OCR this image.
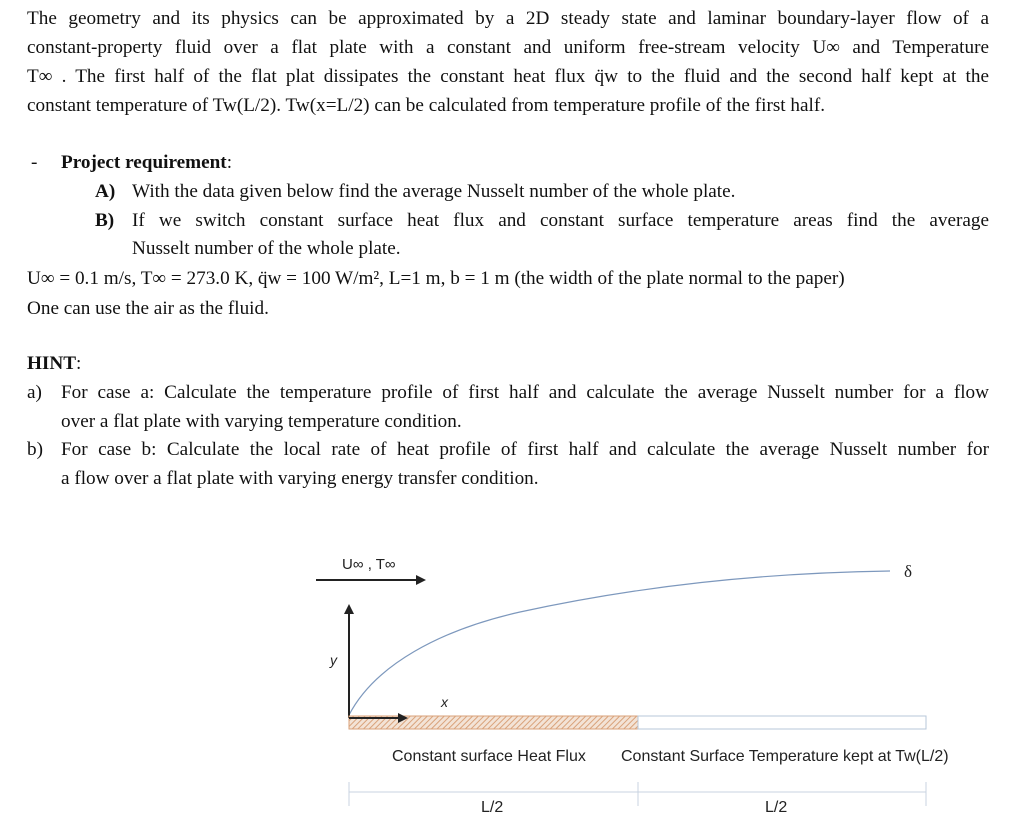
The geometry and its physics can be approximated by a 2D steady state and laminar boundary-layer flow of a
constant-property fluid over a flat plate with a constant and uniform free-stream velocity U∞ and Temperature
T∞ . The first half of the flat plat dissipates the constant heat flux q̈w to the fluid and the second half kept at the
constant temperature of Tw(L/2). Tw(x=L/2) can be calculated from temperature profile of the first half.
- Project requirement:
A) With the data given below find the average Nusselt number of the whole plate.
B) If we switch constant surface heat flux and constant surface temperature areas find the average
Nusselt number of the whole plate.
U∞ = 0.1 m/s, T∞ = 273.0 K, q̈w = 100 W/m², L=1 m, b = 1 m (the width of the plate normal to the paper)
One can use the air as the fluid.
HINT:
a) For case a: Calculate the temperature profile of first half and calculate the average Nusselt number for a flow
over a flat plate with varying temperature condition.
b) For case b: Calculate the local rate of heat profile of first half and calculate the average Nusselt number for
a flow over a flat plate with varying energy transfer condition.
U∞ , T∞	δ
y
x
Constant surface Heat Flux Constant Surface Temperature kept at Tw(L/2)
L/2	L/2
